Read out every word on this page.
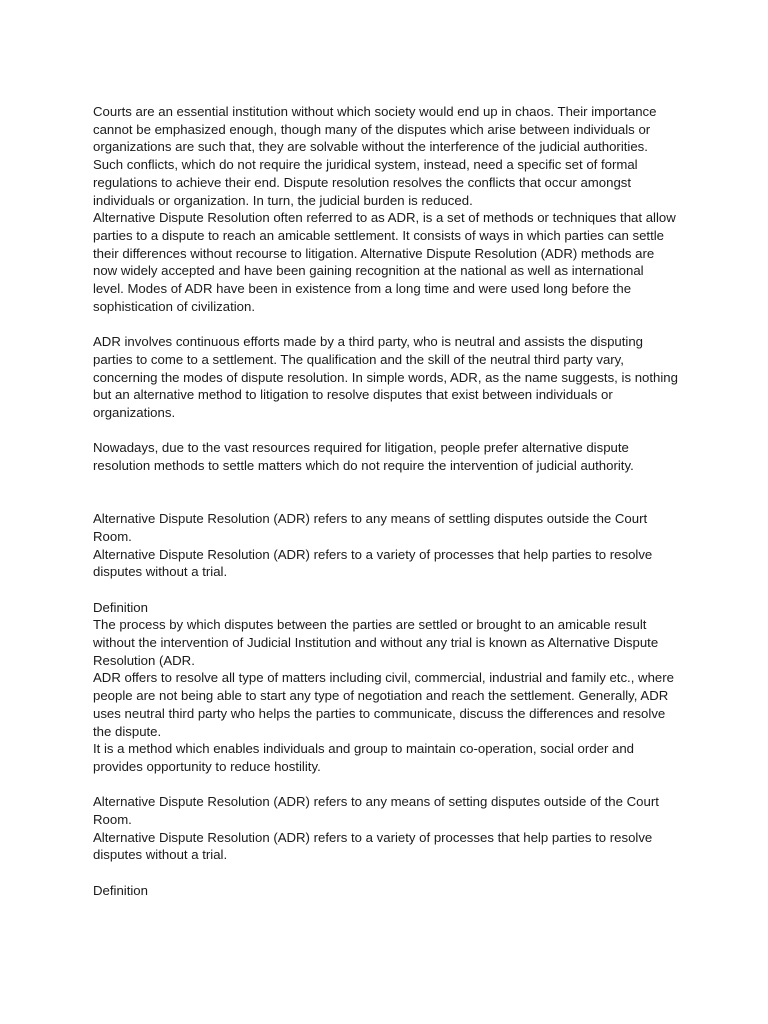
Courts are an essential institution without which society would end up in chaos. Their importance cannot be emphasized enough, though many of the disputes which arise between individuals or organizations are such that, they are solvable without the interference of the judicial authorities. Such conflicts, which do not require the juridical system, instead, need a specific set of formal regulations to achieve their end. Dispute resolution resolves the conflicts that occur amongst individuals or organization. In turn, the judicial burden is reduced.

Alternative Dispute Resolution often referred to as ADR, is a set of methods or techniques that allow parties to a dispute to reach an amicable settlement. It consists of ways in which parties can settle their differences without recourse to litigation. Alternative Dispute Resolution (ADR) methods are now widely accepted and have been gaining recognition at the national as well as international level. Modes of ADR have been in existence from a long time and were used long before the sophistication of civilization.

ADR involves continuous efforts made by a third party, who is neutral and assists the disputing parties to come to a settlement. The qualification and the skill of the neutral third party vary, concerning the modes of dispute resolution. In simple words, ADR, as the name suggests, is nothing but an alternative method to litigation to resolve disputes that exist between individuals or organizations.

Nowadays, due to the vast resources required for litigation, people prefer alternative dispute resolution methods to settle matters which do not require the intervention of judicial authority.

Alternative Dispute Resolution (ADR) refers to any means of settling disputes outside the Court Room.

Alternative Dispute Resolution (ADR) refers to a variety of processes that help parties to resolve disputes without a trial.

Definition

The process by which disputes between the parties are settled or brought to an amicable result without the intervention of Judicial Institution and without any trial is known as Alternative Dispute Resolution (ADR.

ADR offers to resolve all type of matters including civil, commercial, industrial and family etc., where people are not being able to start any type of negotiation and reach the settlement. Generally, ADR uses neutral third party who helps the parties to communicate, discuss the differences and resolve the dispute.

It is a method which enables individuals and group to maintain co-operation, social order and provides opportunity to reduce hostility.

Alternative Dispute Resolution (ADR) refers to any means of setting disputes outside of the Court Room.

Alternative Dispute Resolution (ADR) refers to a variety of processes that help parties to resolve disputes without a trial.

Definition
